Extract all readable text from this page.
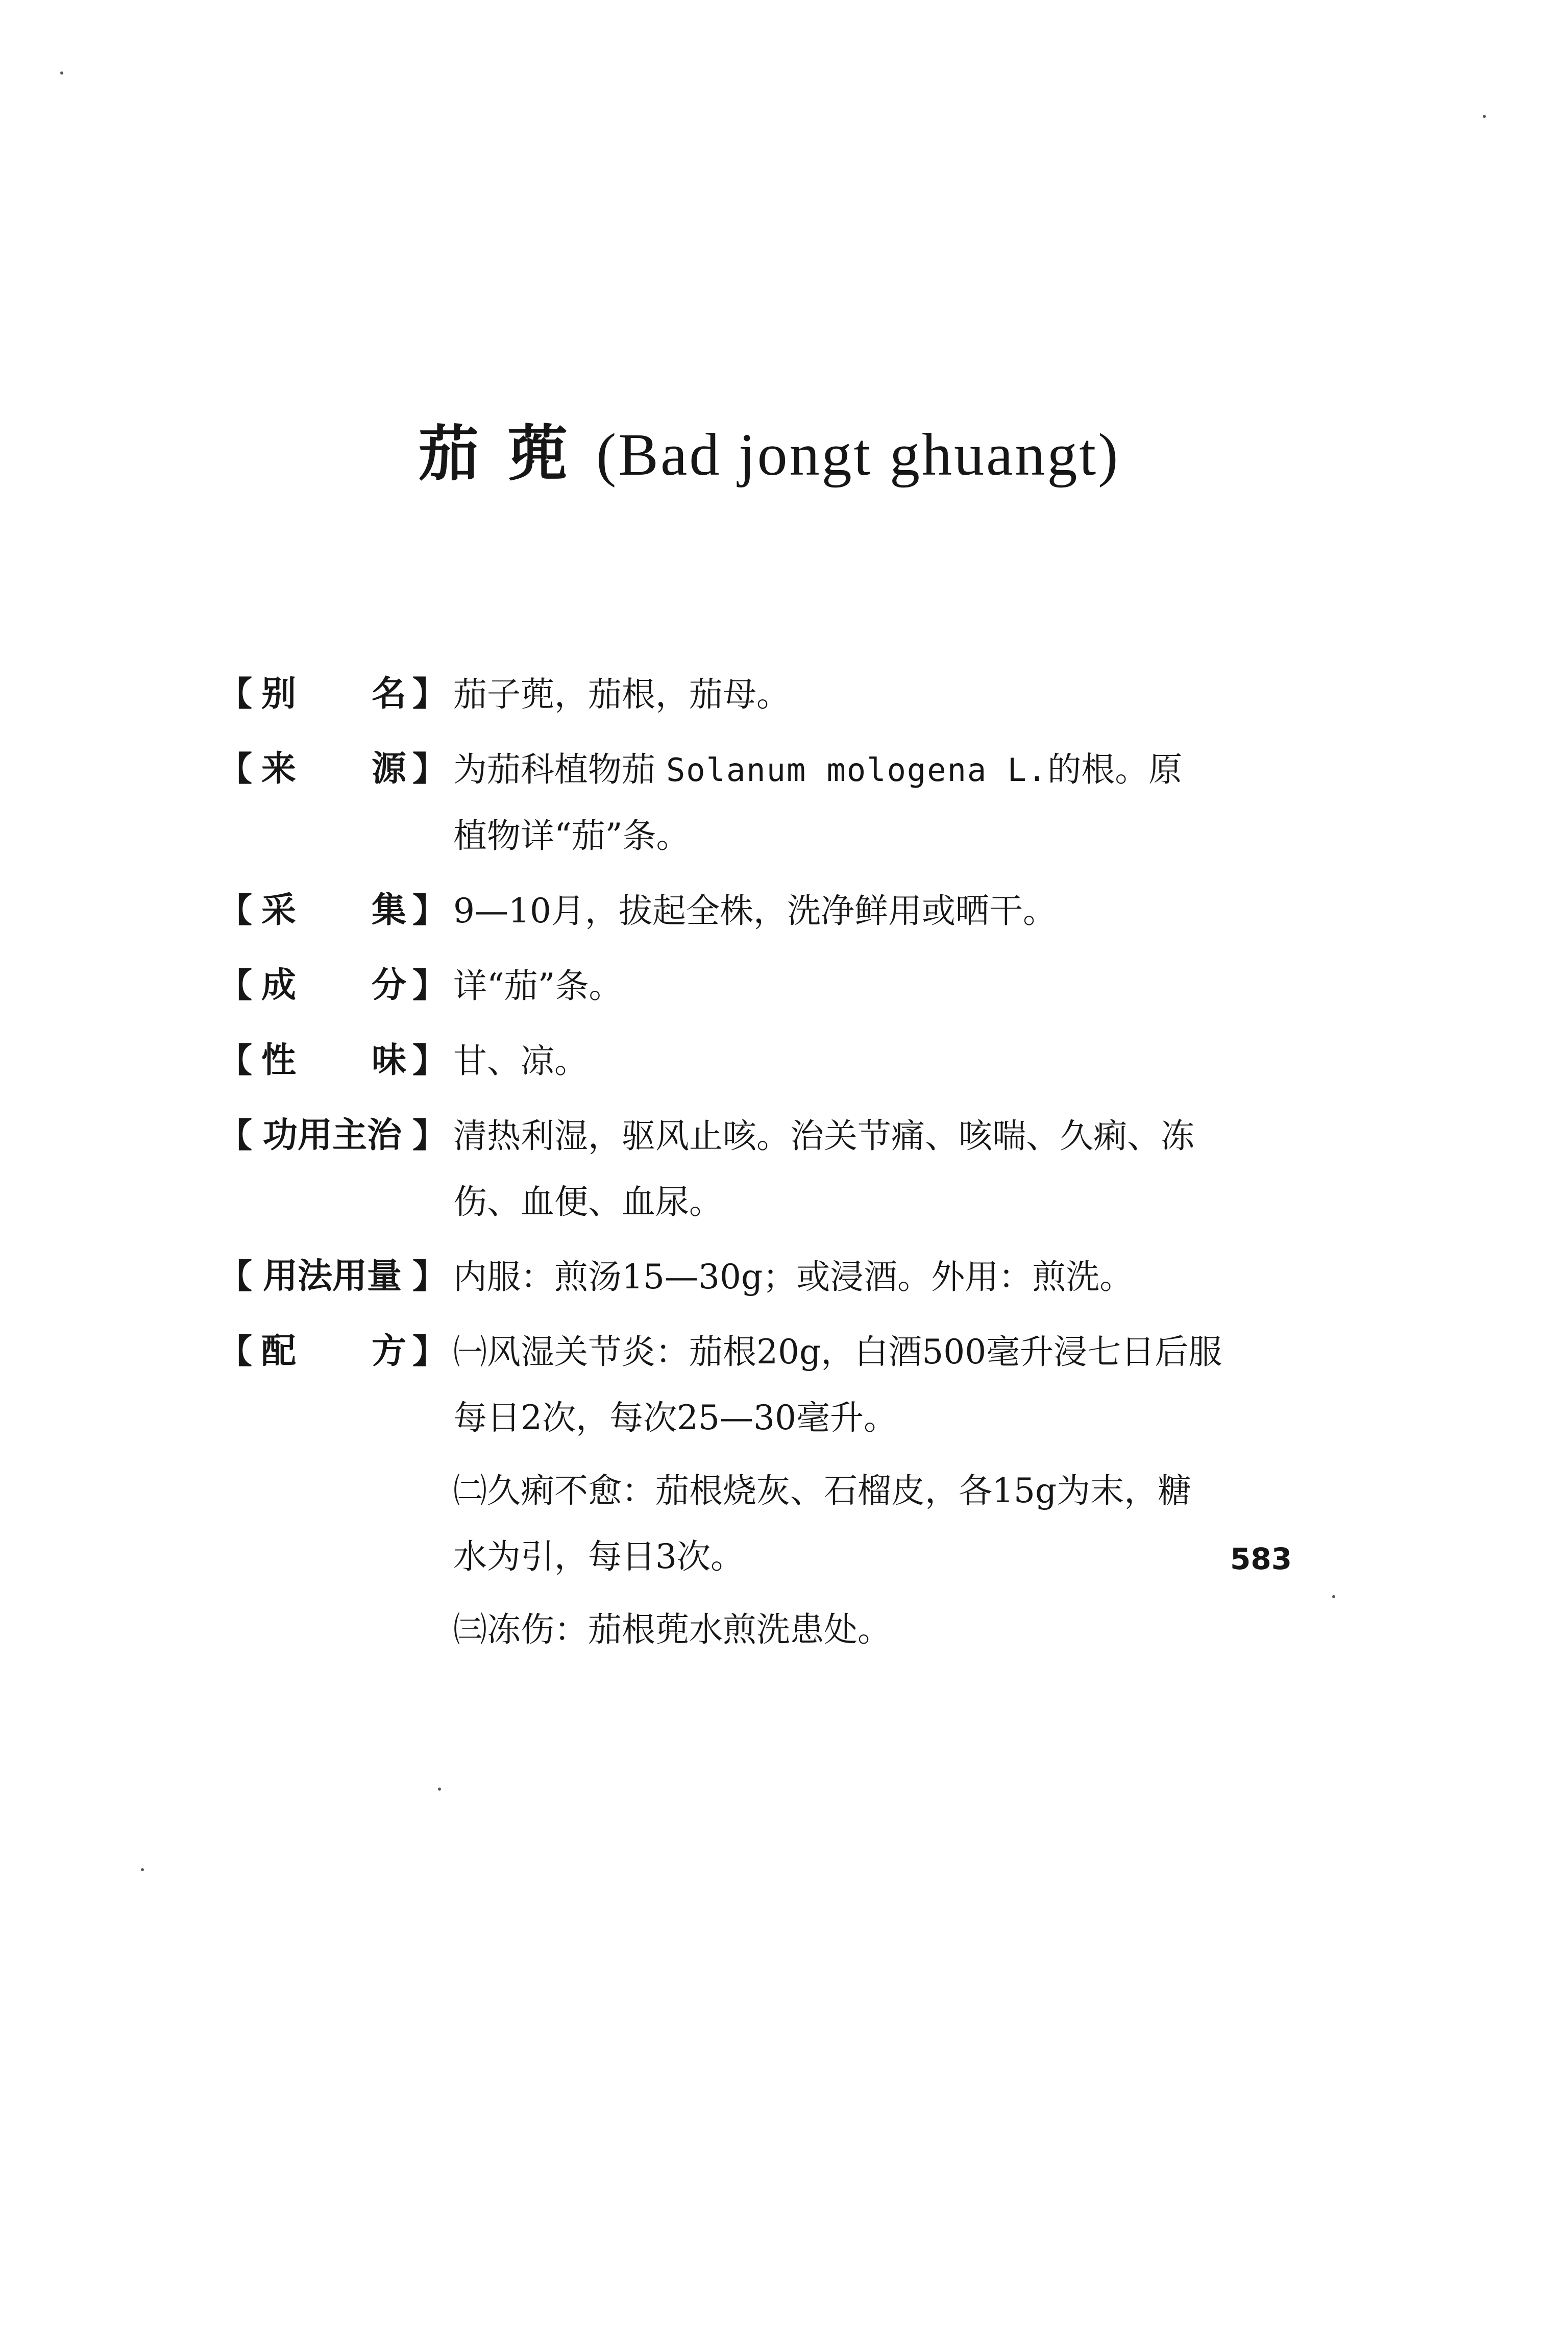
茄蔸(Bad jongt ghuangt)
【 别 名 】 茄子蔸，茄根，茄母。

【 来 源 】 为茄科植物茄 Solanum mologena L.的根。原

植物详“茄”条。

【 采 集 】 9—10月，拔起全株，洗净鲜用或晒干。

【 成 分 】 详“茄”条。

【 性 味 】 甘、凉。

【 功用主治 】 清热利湿，驱风止咳。治关节痛、咳喘、久痢、冻

伤、血便、血尿。

【 用法用量 】 内服：煎汤15—30g；或浸酒。外用：煎洗。

【 配 方 】 ㈠风湿关节炎：茄根20g，白酒500毫升浸七日后服

每日2次，每次25—30毫升。

㈡久痢不愈：茄根烧灰、石榴皮，各15g为末，糖

水为引，每日3次。

㈢冻伤：茄根蔸水煎洗患处。

583
